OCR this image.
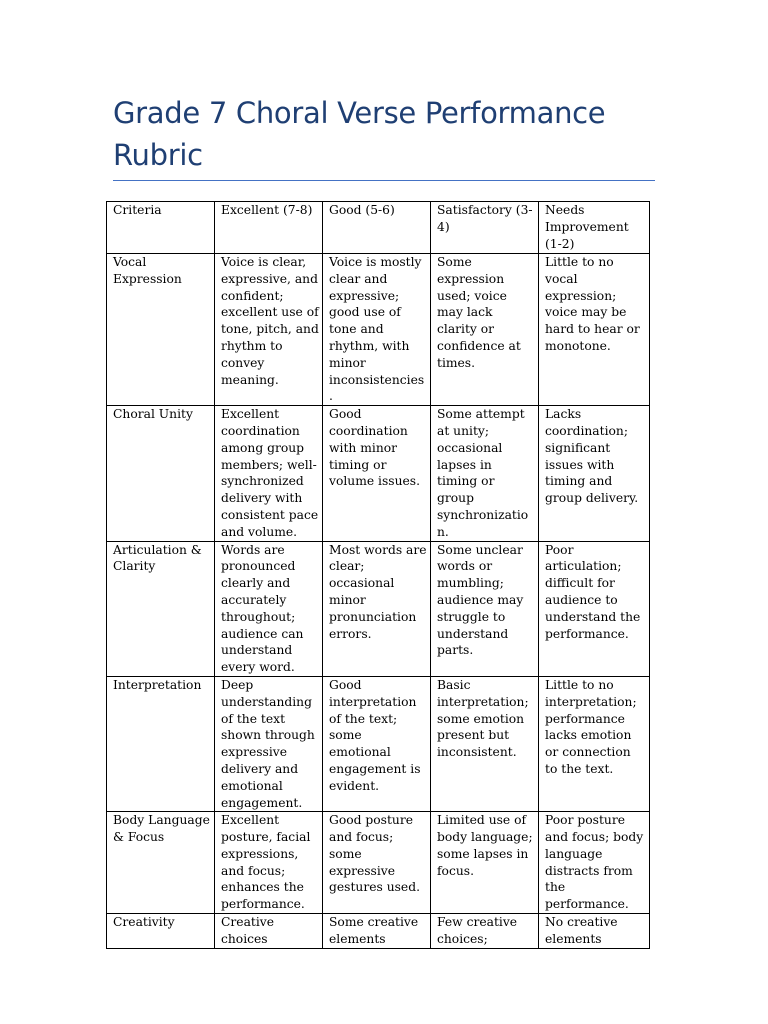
Grade 7 Choral Verse Performance Rubric
Criteria	Excellent (7-8)	Good (5-6)	Satisfactory (3-4)	Needs Improvement (1-2)
Vocal Expression	Voice is clear, expressive, and confident; excellent use of tone, pitch, and rhythm to convey meaning.	Voice is mostly clear and expressive; good use of tone and rhythm, with minor inconsistencies.	Some expression used; voice may lack clarity or confidence at times.	Little to no vocal expression; voice may be hard to hear or monotone.
Choral Unity	Excellent coordination among group members; well-synchronized delivery with consistent pace and volume.	Good coordination with minor timing or volume issues.	Some attempt at unity; occasional lapses in timing or group synchronization.	Lacks coordination; significant issues with timing and group delivery.
Articulation & Clarity	Words are pronounced clearly and accurately throughout; audience can understand every word.	Most words are clear; occasional minor pronunciation errors.	Some unclear words or mumbling; audience may struggle to understand parts.	Poor articulation; difficult for audience to understand the performance.
Interpretation	Deep understanding of the text shown through expressive delivery and emotional engagement.	Good interpretation of the text; some emotional engagement is evident.	Basic interpretation; some emotion present but inconsistent.	Little to no interpretation; performance lacks emotion or connection to the text.
Body Language & Focus	Excellent posture, facial expressions, and focus; enhances the performance.	Good posture and focus; some expressive gestures used.	Limited use of body language; some lapses in focus.	Poor posture and focus; body language distracts from the performance.
Creativity	Creative choices	Some creative elements	Few creative choices;	No creative elements
